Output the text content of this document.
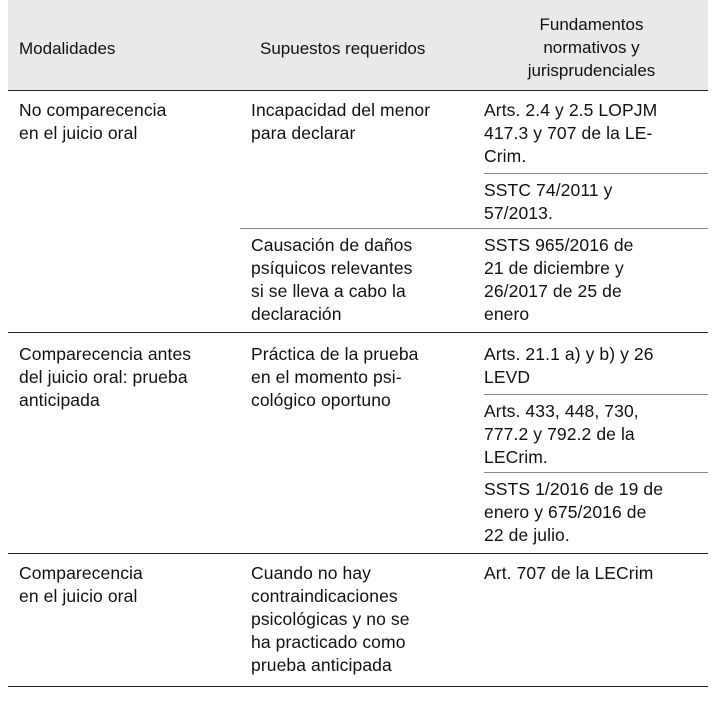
Modalidades	Supuestos requeridos
Fundamentos
normativos y
jurisprudenciales
No comparecencia
en el juicio oral
Incapacidad del menor
para declarar
Arts. 2.4 y 2.5 LOPJM
417.3 y 707 de la LE-
Crim.
SSTC 74/2011 y
57/2013.
Causación de daños
psíquicos relevantes
si se lleva a cabo la
declaración
SSTS 965/2016 de
21 de diciembre y
26/2017 de 25 de
enero
Comparecencia antes
del juicio oral: prueba
anticipada
Práctica de la prueba
en el momento psi-
cológico oportuno
Arts. 21.1 a) y b) y 26
LEVD
Arts. 433, 448, 730,
777.2 y 792.2 de la
LECrim.
SSTS 1/2016 de 19 de
enero y 675/2016 de
22 de julio.
Comparecencia
en el juicio oral
Cuando no hay
contraindicaciones
psicológicas y no se
ha practicado como
prueba anticipada
Art. 707 de la LECrim
